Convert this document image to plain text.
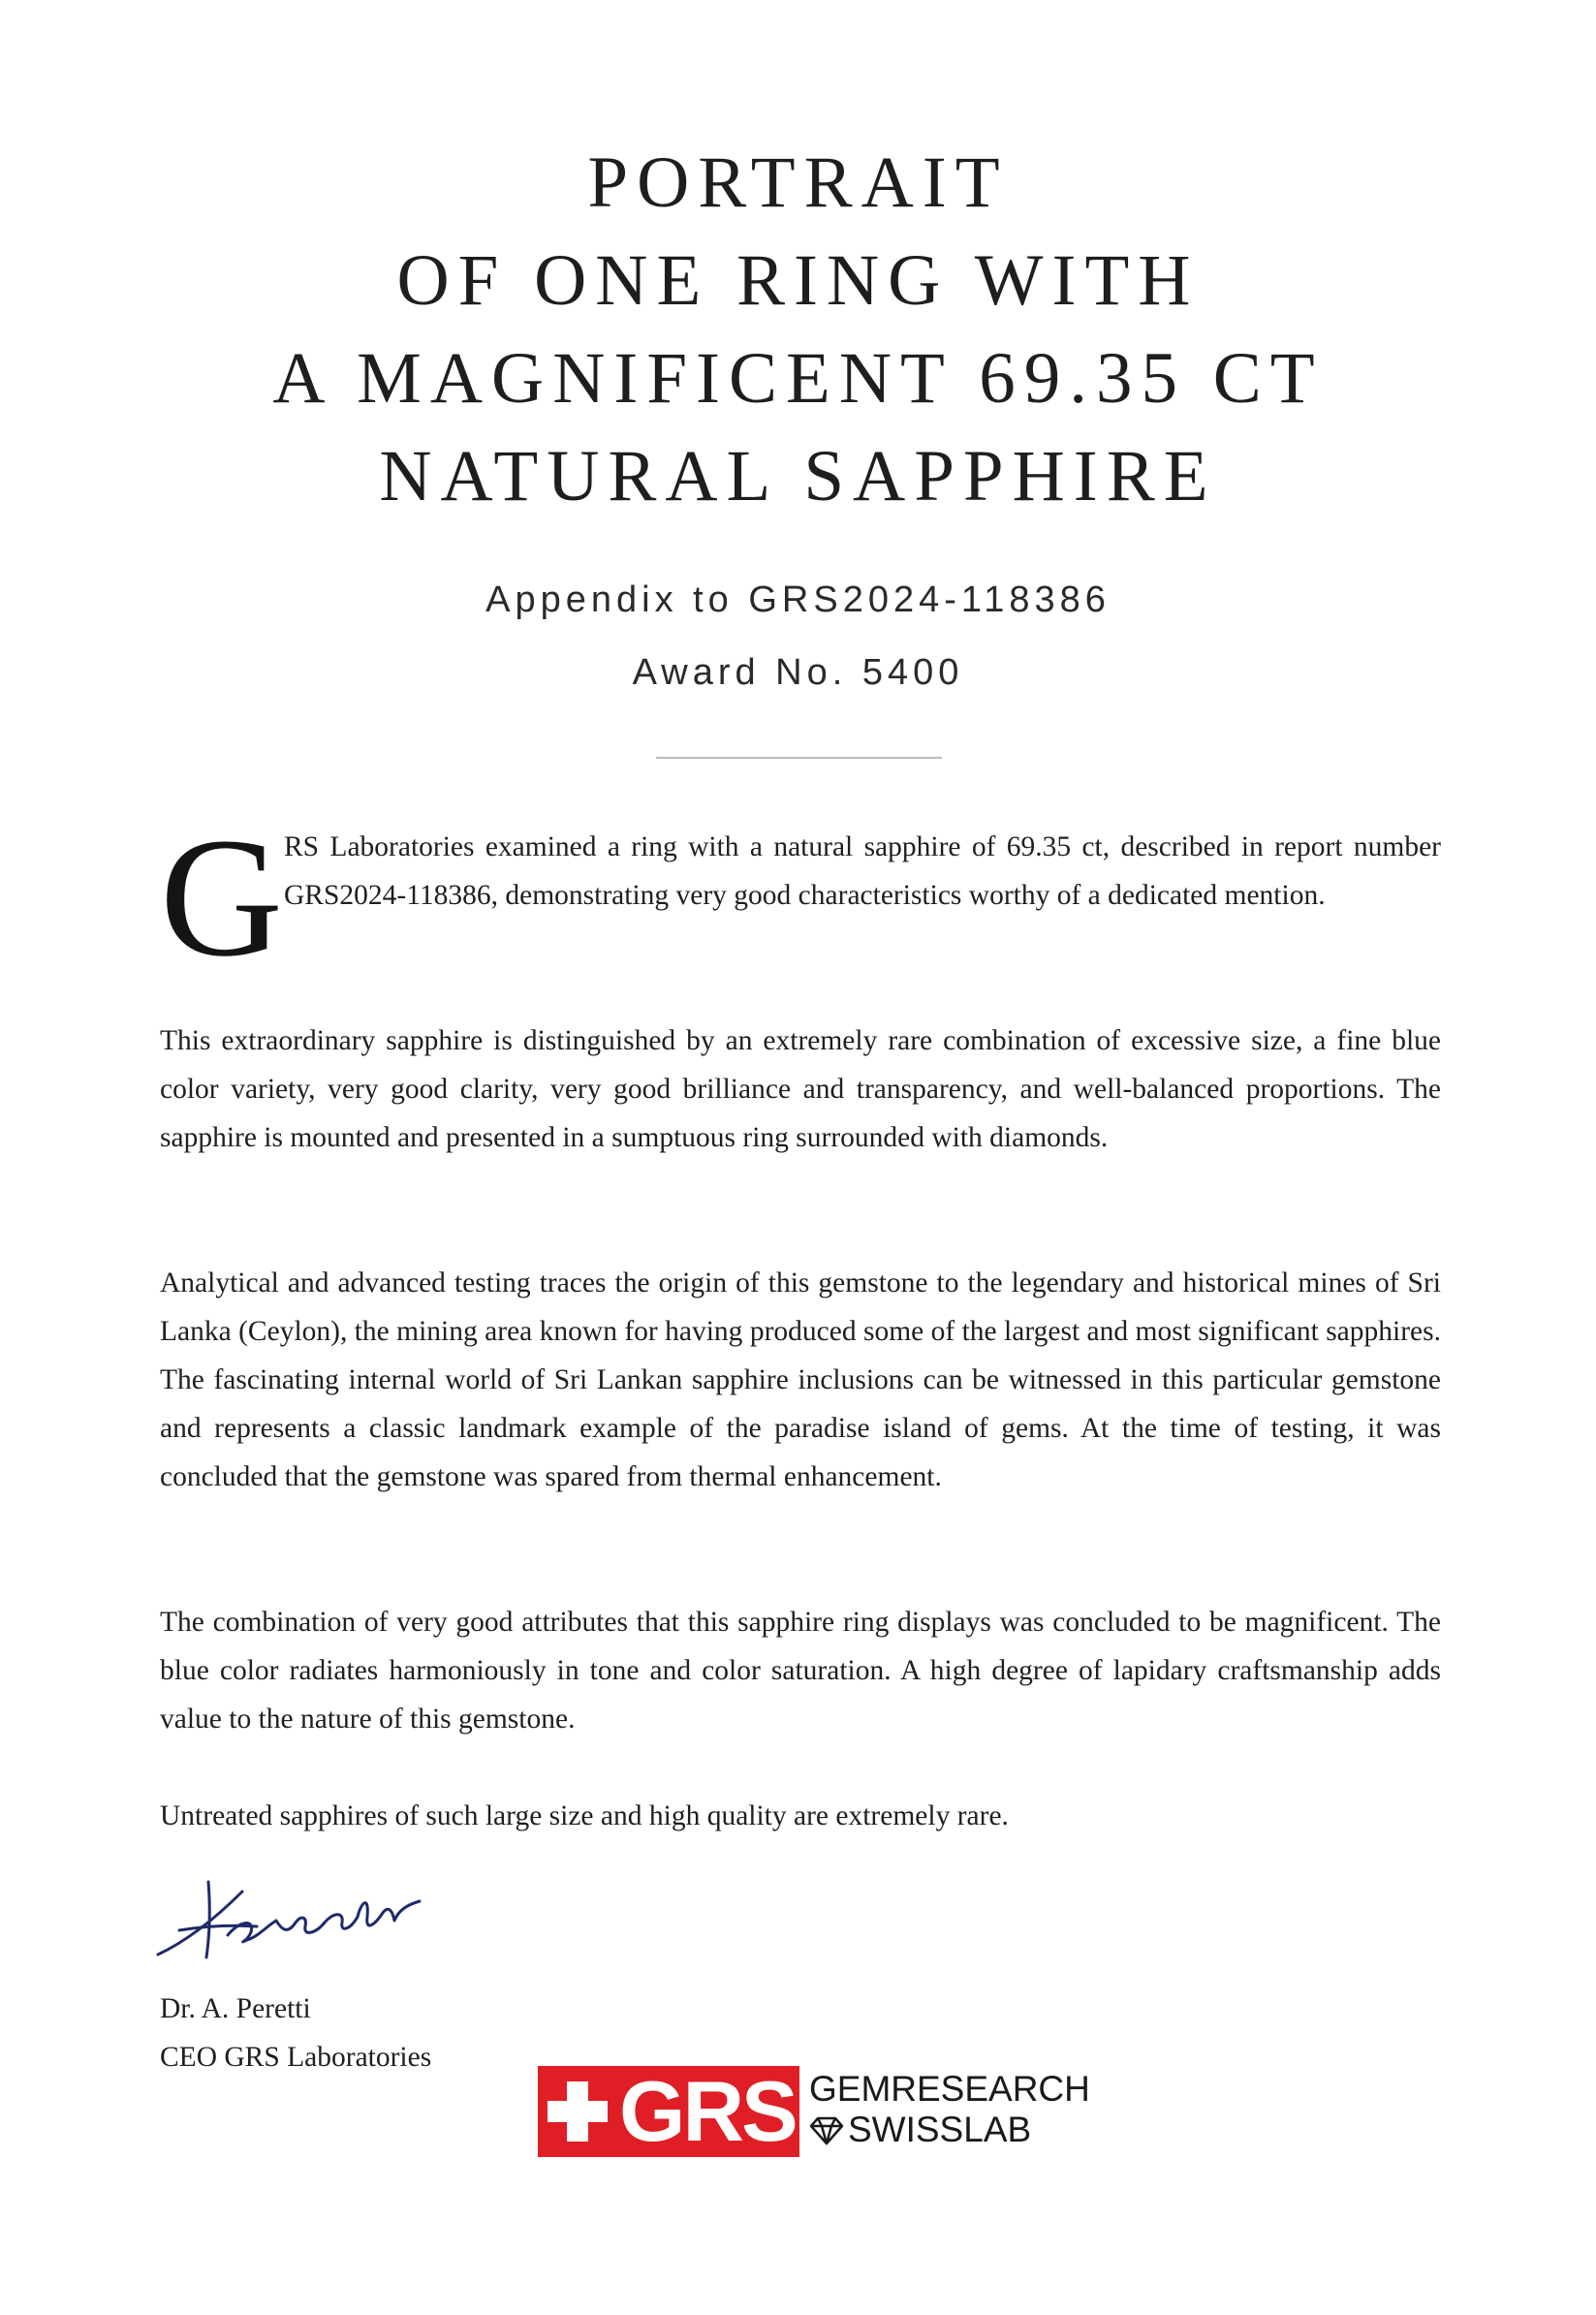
PORTRAIT
OF ONE RING WITH
A MAGNIFICENT 69.35 CT
NATURAL SAPPHIRE
Appendix to GRS2024-118386
Award No. 5400
G RS Laboratories examined a ring with a natural sapphire of 69.35 ct, described in report number GRS2024-118386, demonstrating very good characteristics worthy of a dedicated mention.
This extraordinary sapphire is distinguished by an extremely rare combination of excessive size, a fine blue color variety, very good clarity, very good brilliance and transparency, and well-balanced proportions. The sapphire is mounted and presented in a sumptuous ring surrounded with diamonds.
Analytical and advanced testing traces the origin of this gemstone to the legendary and historical mines of Sri Lanka (Ceylon), the mining area known for having produced some of the largest and most significant sapphires. The fascinating internal world of Sri Lankan sapphire inclusions can be witnessed in this particular gemstone and represents a classic landmark example of the paradise island of gems. At the time of testing, it was concluded that the gemstone was spared from thermal enhancement.
The combination of very good attributes that this sapphire ring displays was concluded to be magnificent. The blue color radiates harmoniously in tone and color saturation. A high degree of lapidary craftsmanship adds value to the nature of this gemstone.
Untreated sapphires of such large size and high quality are extremely rare.
Dr. A. Peretti
CEO GRS Laboratories
GRS GEMRESEARCH
SWISSLAB
